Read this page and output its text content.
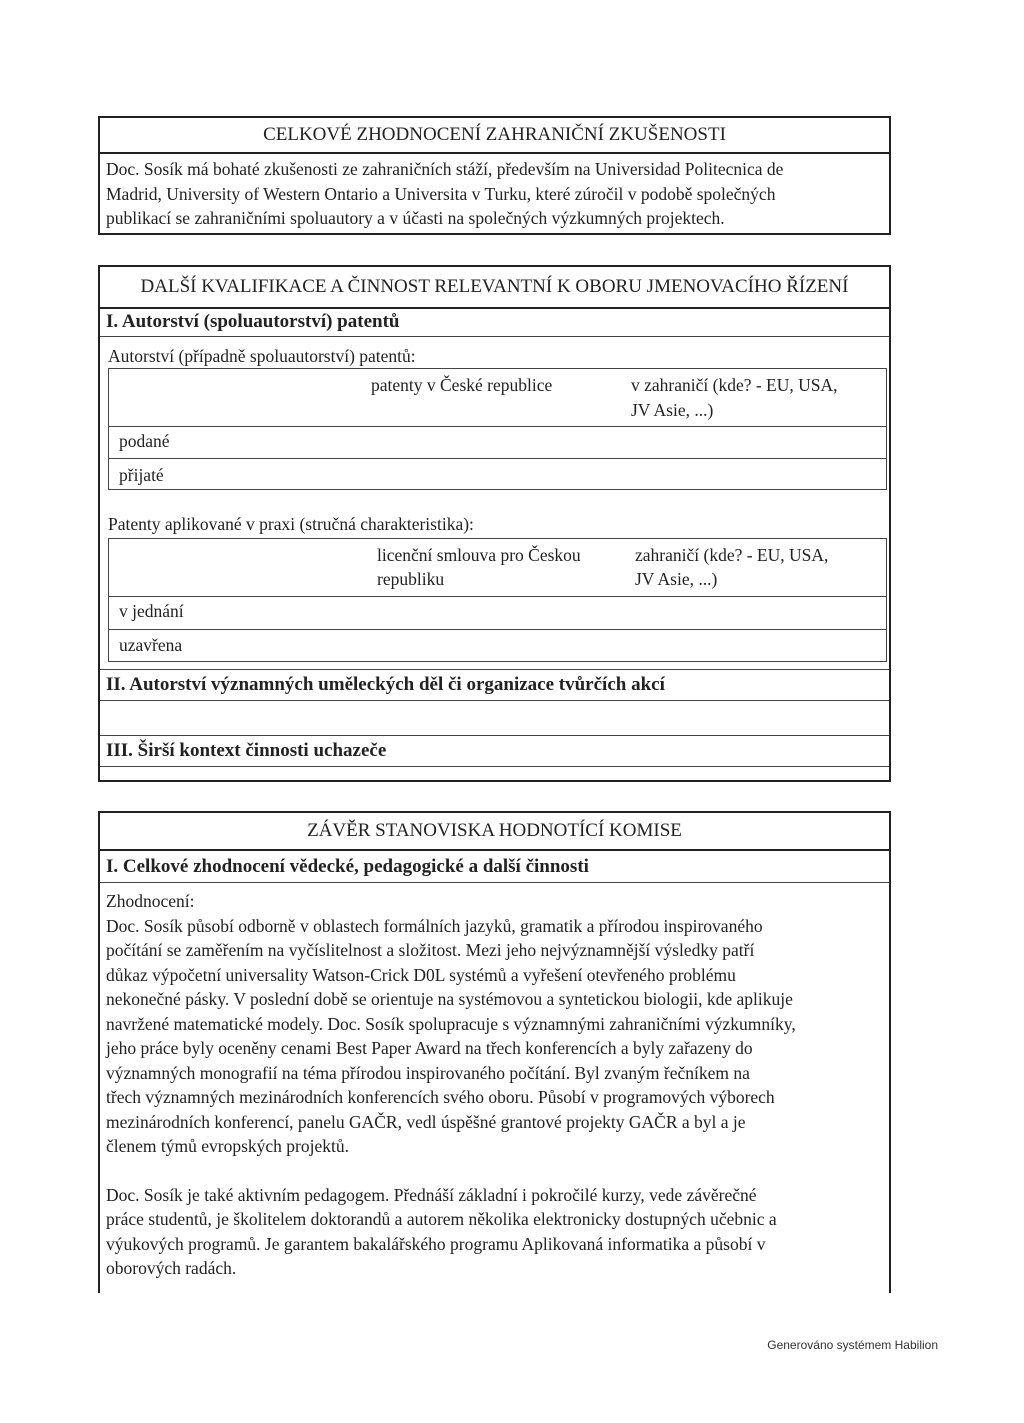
CELKOVÉ ZHODNOCENÍ ZAHRANIČNÍ ZKUŠENOSTI
Doc. Sosík má bohaté zkušenosti ze zahraničních stáží, především na Universidad Politecnica de
Madrid, University of Western Ontario a Universita v Turku, které zúročil v podobě společných
publikací se zahraničními spoluautory a v účasti na společných výzkumných projektech.
DALŠÍ KVALIFIKACE A ČINNOST RELEVANTNÍ K OBORU JMENOVACÍHO ŘÍZENÍ
I. Autorství (spoluautorství) patentů
Autorství (případně spoluautorství) patentů:
patenty v České republice	v zahraničí (kde? - EU, USA,
JV Asie, ...)
podané
přijaté
Patenty aplikované v praxi (stručná charakteristika):
licenční smlouva pro Českou
republiku
zahraničí (kde? - EU, USA,
JV Asie, ...)
v jednání
uzavřena
II. Autorství významných uměleckých děl či organizace tvůrčích akcí
III. Širší kontext činnosti uchazeče
ZÁVĚR STANOVISKA HODNOTÍCÍ KOMISE
I. Celkové zhodnocení vědecké, pedagogické a další činnosti
Zhodnocení:
Doc. Sosík působí odborně v oblastech formálních jazyků, gramatik a přírodou inspirovaného
počítání se zaměřením na vyčíslitelnost a složitost. Mezi jeho nejvýznamnější výsledky patří
důkaz výpočetní universality Watson-Crick D0L systémů a vyřešení otevřeného problému
nekonečné pásky. V poslední době se orientuje na systémovou a syntetickou biologii, kde aplikuje
navržené matematické modely. Doc. Sosík spolupracuje s významnými zahraničními výzkumníky,
jeho práce byly oceněny cenami Best Paper Award na třech konferencích a byly zařazeny do
významných monografií na téma přírodou inspirovaného počítání. Byl zvaným řečníkem na
třech významných mezinárodních konferencích svého oboru. Působí v programových výborech
mezinárodních konferencí, panelu GAČR, vedl úspěšné grantové projekty GAČR a byl a je
členem týmů evropských projektů.
Doc. Sosík je také aktivním pedagogem. Přednáší základní i pokročilé kurzy, vede závěrečné
práce studentů, je školitelem doktorandů a autorem několika elektronicky dostupných učebnic a
výukových programů. Je garantem bakalářského programu Aplikovaná informatika a působí v
oborových radách.
Generováno systémem Habilion
